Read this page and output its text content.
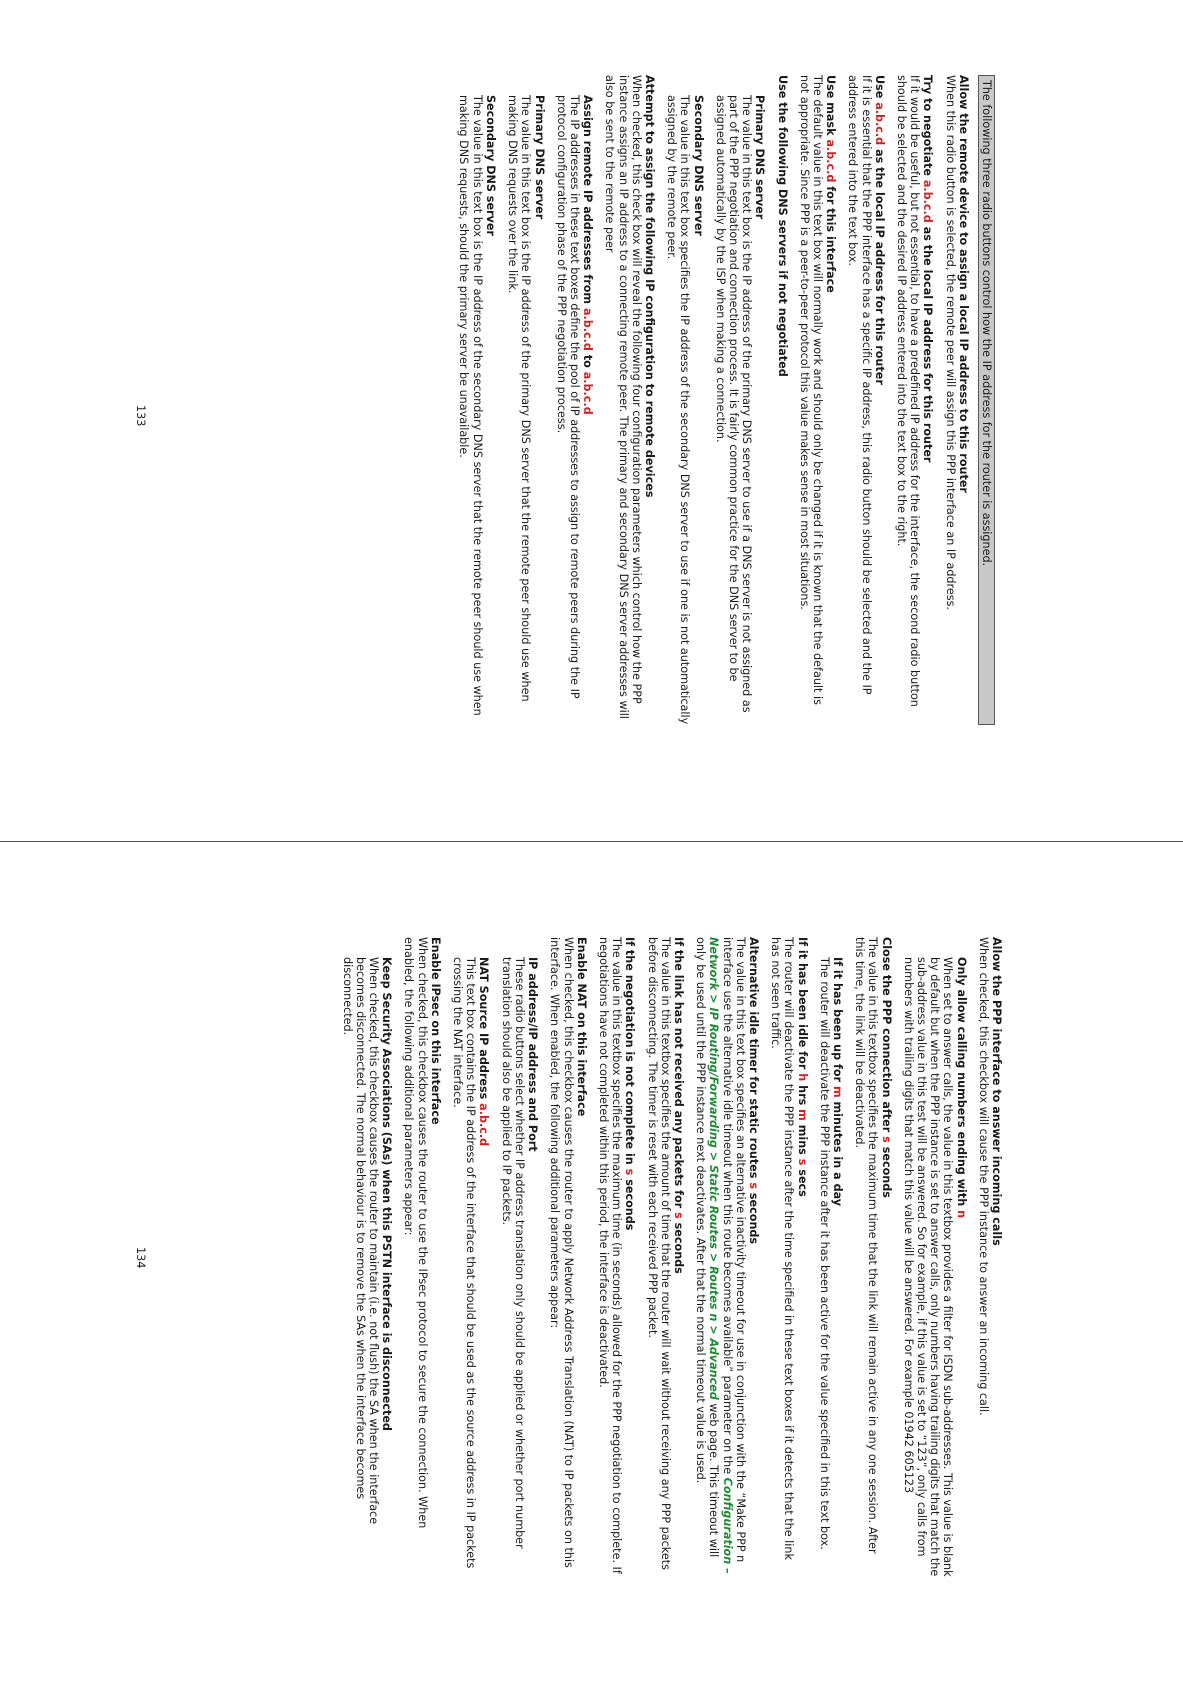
The following three radio buttons control how the IP address for the router is assigned.

Allow the remote device to assign a local IP address to this router

When this radio button is selected, the remote peer will assign this PPP interface an IP address.

Try to negotiate a.b.c.d as the local IP address for this router

If it would be useful, but not essential, to have a predefined IP address for the interface, the second radio button should be selected and the desired IP address entered into the text box to the right.

Use a.b.c.d as the local IP address for this router

If it is essential that the PPP interface has a specific IP address, this radio button should be selected and the IP address entered into the text box.

Use mask a.b.c.d for this interface

The default value in this text box will normally work and should only be changed if it is known that the default is not appropriate. Since PPP is a peer-to-peer protocol this value makes sense in most situations.

Use the following DNS servers if not negotiated

Primary DNS server

The value in this text box is the IP address of the primary DNS server to use if a DNS server is not assigned as part of the PPP negotiation and connection process. It is fairly common practice for the DNS server to be assigned automatically by the ISP when making a connection.

Secondary DNS server

The value in this text box specifies the IP address of the secondary DNS server to use if one is not automatically assigned by the remote peer.

Attempt to assign the following IP configuration to remote devices

When checked, this check box will reveal the following four configuration parameters which control how the PPP instance assigns an IP address to a connecting remote peer. The primary and secondary DNS server addresses will also be sent to the remote peer

Assign remote IP addresses from a.b.c.d to a.b.c.d

The IP addresses in these text boxes define the pool of IP addresses to assign to remote peers during the IP protocol configuration phase of the PPP negotiation process.

Primary DNS server

The value in this text box is the IP address of the primary DNS server that the remote peer should use when making DNS requests over the link.

Secondary DNS server

The value in this text box is the IP address of the secondary DNS server that the remote peer should use when making DNS requests, should the primary server be unavailable.

133

Allow the PPP interface to answer incoming calls

When checked, this checkbox will cause the PPP instance to answer an incoming call.

Only allow calling numbers ending with n

When set to answer calls, the value in this textbox provides a filter for ISDN sub-addresses. This value is blank by default but when the PPP instance is set to answer calls, only numbers having trailing digits that match the sub-address value in this test will be answered. So for example, if this value is set to “123”, only calls from numbers with trailing digits that match this value will be answered. For example 01942 605123

Close the PPP connection after s seconds

The value in this textbox specifies the maximum time that the link will remain active in any one session. After this time, the link will be deactivated.

If it has been up for m minutes in a day

The router will deactivate the PPP instance after it has been active for the value specified in this text box.

If it has been idle for h hrs m mins s secs

The router will deactivate the PPP instance after the time specified in these text boxes if it detects that the link has not seen traffic.

Alternative idle timer for static routes s seconds

The value in this text box specifies an alternative inactivity timeout for use in conjunction with the “Make PPP n interface use the alternative idle timeout when this route becomes available” parameter on the Configuration – Network > IP Routing/Forwarding > Static Routes > Routes n > Advanced web page. This timeout will only be used until the PPP instance next deactivates. After that the normal timeout value is used.

If the link has not received any packets for s seconds

The value in this textbox specifies the amount of time that the router will wait without receiving any PPP packets before disconnecting. The timer is reset with each received PPP packet.

If the negotiation is not complete in s seconds

The value in this textbox specifies the maximum time (in seconds) allowed for the PPP negotiation to complete. If negotiations have not completed within this period, the interface is deactivated.

Enable NAT on this interface

When checked, this checkbox causes the router to apply Network Address Translation (NAT) to IP packets on this interface. When enabled, the following additional parameters appear:

IP address/IP address and Port

These radio buttons select whether IP address translation only should be applied or whether port number translation should also be applied to IP packets.

NAT Source IP address a.b.c.d

This text box contains the IP address of the interface that should be used as the source address in IP packets crossing the NAT interface.

Enable IPsec on this interface

When checked, this checkbox causes the router to use the IPsec protocol to secure the connection. When enabled, the following additional parameters appear:

Keep Security Associations (SAs) when this PSTN interface is disconnected

When checked, this checkbox causes the router to maintain (i.e. not flush) the SA when the interface becomes disconnected. The normal behaviour is to remove the SAs when the interface becomes disconnected.

134
